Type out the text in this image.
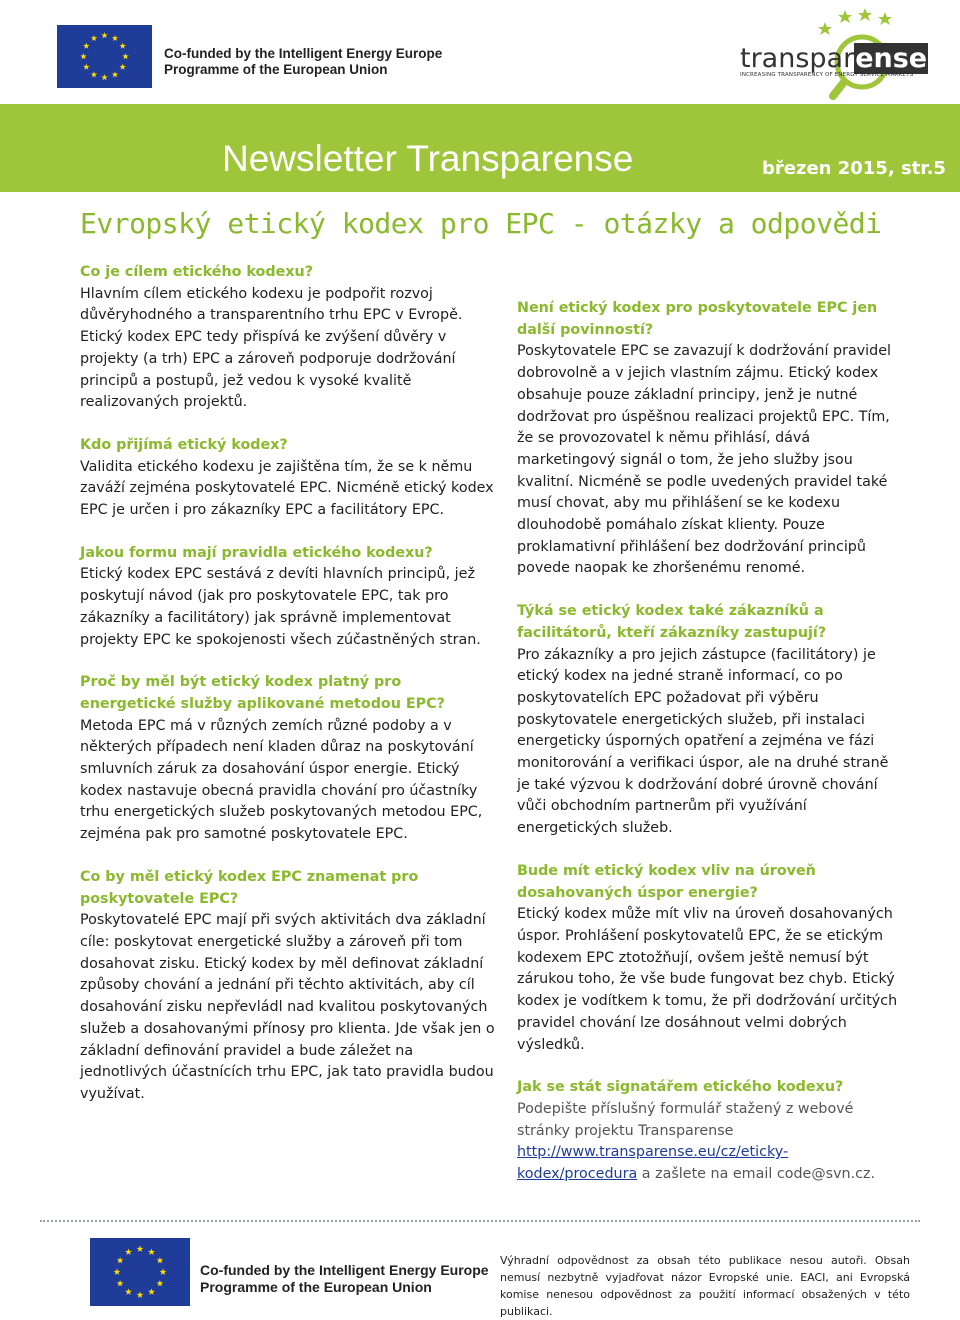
Co-funded by the Intelligent Energy Europe
Programme of the European Union	transparense
INCREASING TRANSPARENCY OF ENERGY SERVICE MARKETS
Newsletter Transparense	březen 2015, str.5
Evropský etický kodex pro EPC - otázky a odpovědi

Co je cílem etického kodexu?

Hlavním cílem etického kodexu je podpořit rozvoj důvěryhodného a transparentního trhu EPC v Evropě. Etický kodex EPC tedy přispívá ke zvýšení důvěry v projekty (a trh) EPC a zároveň podporuje dodržování principů a postupů, jež vedou k vysoké kvalitě realizovaných projektů.

Kdo přijímá etický kodex?

Validita etického kodexu je zajištěna tím, že se k němu zaváží zejména poskytovatelé EPC. Nicméně etický kodex EPC je určen i pro zákazníky EPC a facilitátory EPC.

Jakou formu mají pravidla etického kodexu?

Etický kodex EPC sestává z devíti hlavních principů, jež poskytují návod (jak pro poskytovatele EPC, tak pro zákazníky a facilitátory) jak správně implementovat projekty EPC ke spokojenosti všech zúčastněných stran.

Proč by měl být etický kodex platný pro energetické služby aplikované metodou EPC?

Metoda EPC má v různých zemích různé podoby a v některých případech není kladen důraz na poskytování smluvních záruk za dosahování úspor energie. Etický kodex nastavuje obecná pravidla chování pro účastníky trhu energetických služeb poskytovaných metodou EPC, zejména pak pro samotné poskytovatele EPC.

Co by měl etický kodex EPC znamenat pro poskytovatele EPC?

Poskytovatelé EPC mají při svých aktivitách dva základní cíle: poskytovat energetické služby a zároveň při tom dosahovat zisku. Etický kodex by měl definovat základní způsoby chování a jednání při těchto aktivitách, aby cíl dosahování zisku nepřevládl nad kvalitou poskytovaných služeb a dosahovanými přínosy pro klienta. Jde však jen o základní definování pravidel a bude záležet na jednotlivých účastnících trhu EPC, jak tato pravidla budou využívat.

Není etický kodex pro poskytovatele EPC jen další povinností?

Poskytovatele EPC se zavazují k dodržování pravidel dobrovolně a v jejich vlastním zájmu. Etický kodex obsahuje pouze základní principy, jenž je nutné dodržovat pro úspěšnou realizaci projektů EPC. Tím, že se provozovatel k němu přihlásí, dává marketingový signál o tom, že jeho služby jsou kvalitní. Nicméně se podle uvedených pravidel také musí chovat, aby mu přihlášení se ke kodexu dlouhodobě pomáhalo získat klienty. Pouze proklamativní přihlášení bez dodržování principů povede naopak ke zhoršenému renomé.

Týká se etický kodex také zákazníků a facilitátorů, kteří zákazníky zastupují?

Pro zákazníky a pro jejich zástupce (facilitátory) je etický kodex na jedné straně informací, co po poskytovatelích EPC požadovat při výběru poskytovatele energetických služeb, při instalaci energeticky úsporných opatření a zejména ve fázi monitorování a verifikaci úspor, ale na druhé straně je také výzvou k dodržování dobré úrovně chování vůči obchodním partnerům při využívání energetických služeb.

Bude mít etický kodex vliv na úroveň dosahovaných úspor energie?

Etický kodex může mít vliv na úroveň dosahovaných úspor. Prohlášení poskytovatelů EPC, že se etickým kodexem EPC ztotožňují, ovšem ještě nemusí být zárukou toho, že vše bude fungovat bez chyb. Etický kodex je vodítkem k tomu, že při dodržování určitých pravidel chování lze dosáhnout velmi dobrých výsledků.

Jak se stát signatářem etického kodexu?

Podepište příslušný formulář stažený z webové stránky projektu Transparense http://www.transparense.eu/cz/eticky-
kodex/procedura a zašlete na email code@svn.cz.

Co-funded by the Intelligent Energy Europe
Programme of the European Union
Výhradní odpovědnost za obsah této publikace nesou autoři. Obsah nemusí nezbytně vyjadřovat názor Evropské unie. EACI, ani Evropská komise nenesou odpovědnost za použití informací obsažených v této publikaci.
